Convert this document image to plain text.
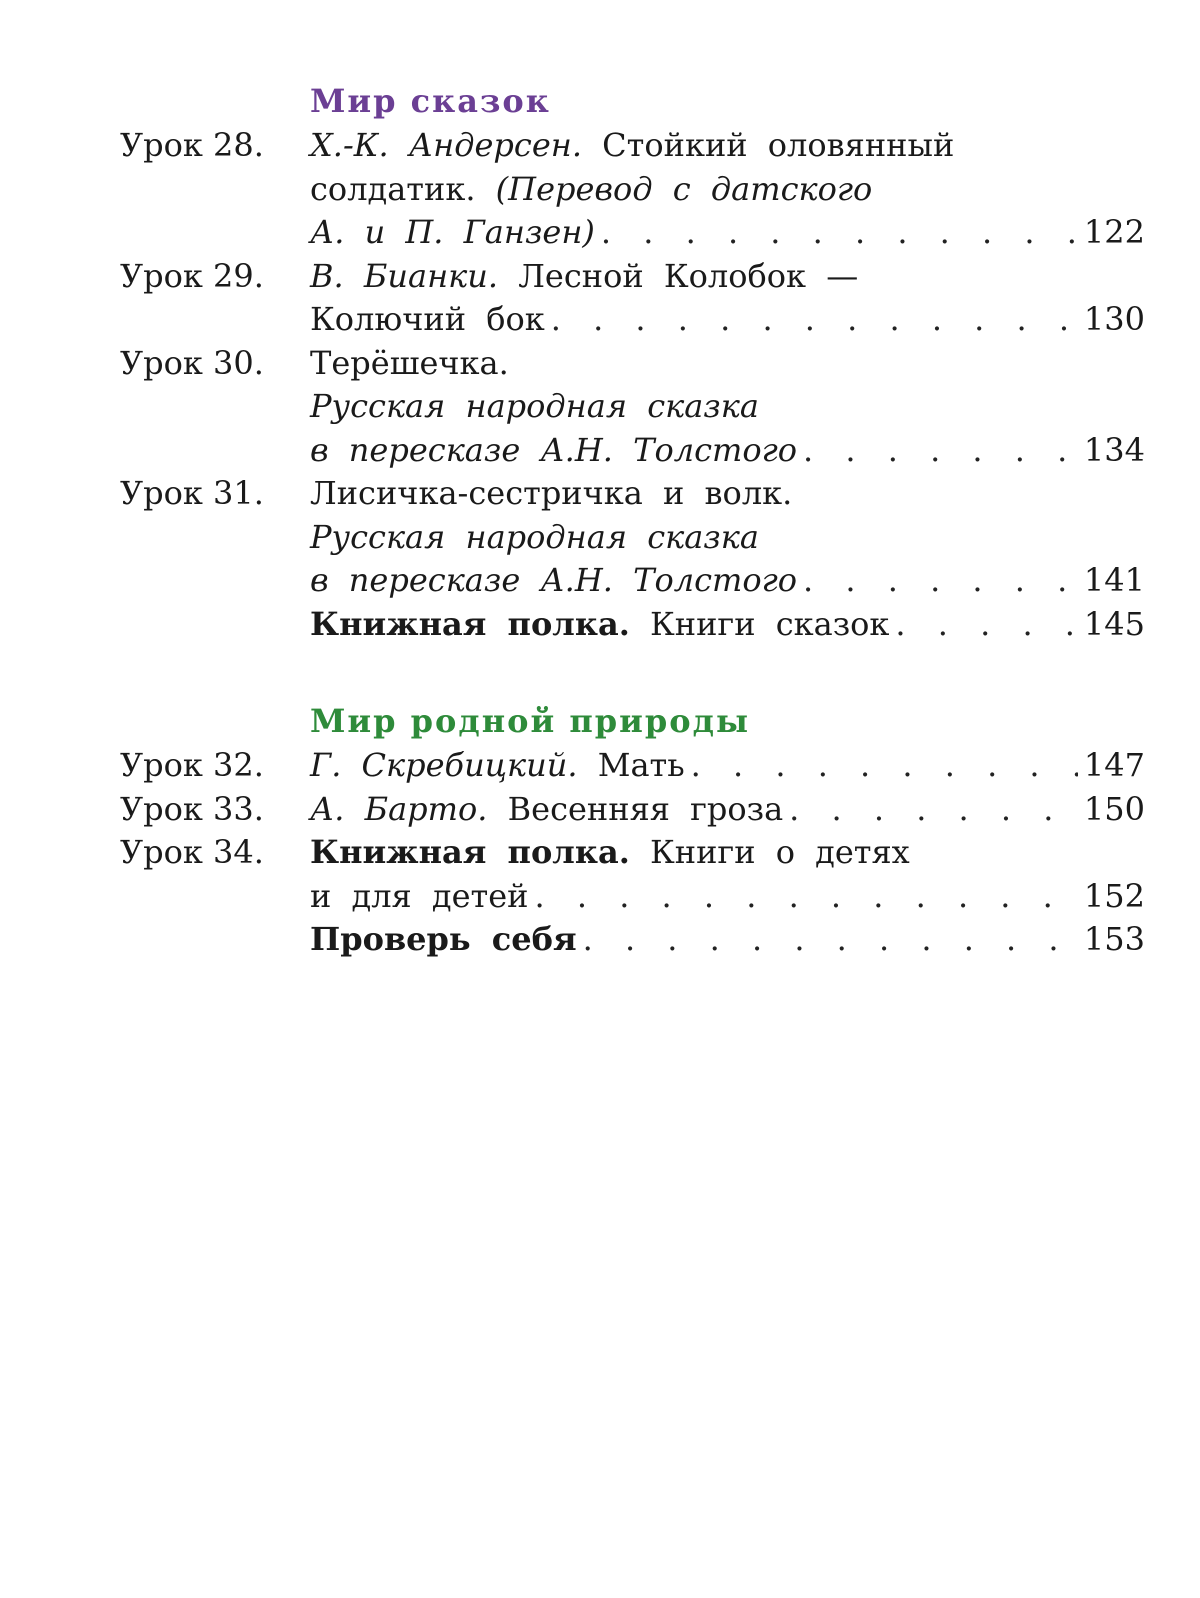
Мир сказок
Урок 28.	Х.-К. Андерсен. Стойкий оловянный
солдатик. (Перевод с датского
А. и П. Ганзен) . . .	122
Урок 29.	В. Бианки. Лесной Колобок —
Колючий бок . . .	130
Урок 30.	Терёшечка.
Русская народная сказка
в пересказе А.Н. Толстого . . .	134
Урок 31.	Лисичка-сестричка и волк.
Русская народная сказка
в пересказе А.Н. Толстого . . .	141
Книжная полка. Книги сказок . . .	145
Мир родной природы
Урок 32.	Г. Скребицкий. Мать . . .	147
Урок 33.	А. Барто. Весенняя гроза . . .	150
Урок 34.	Книжная полка. Книги о детях
и для детей . . .	152
Проверь себя . . .	153
